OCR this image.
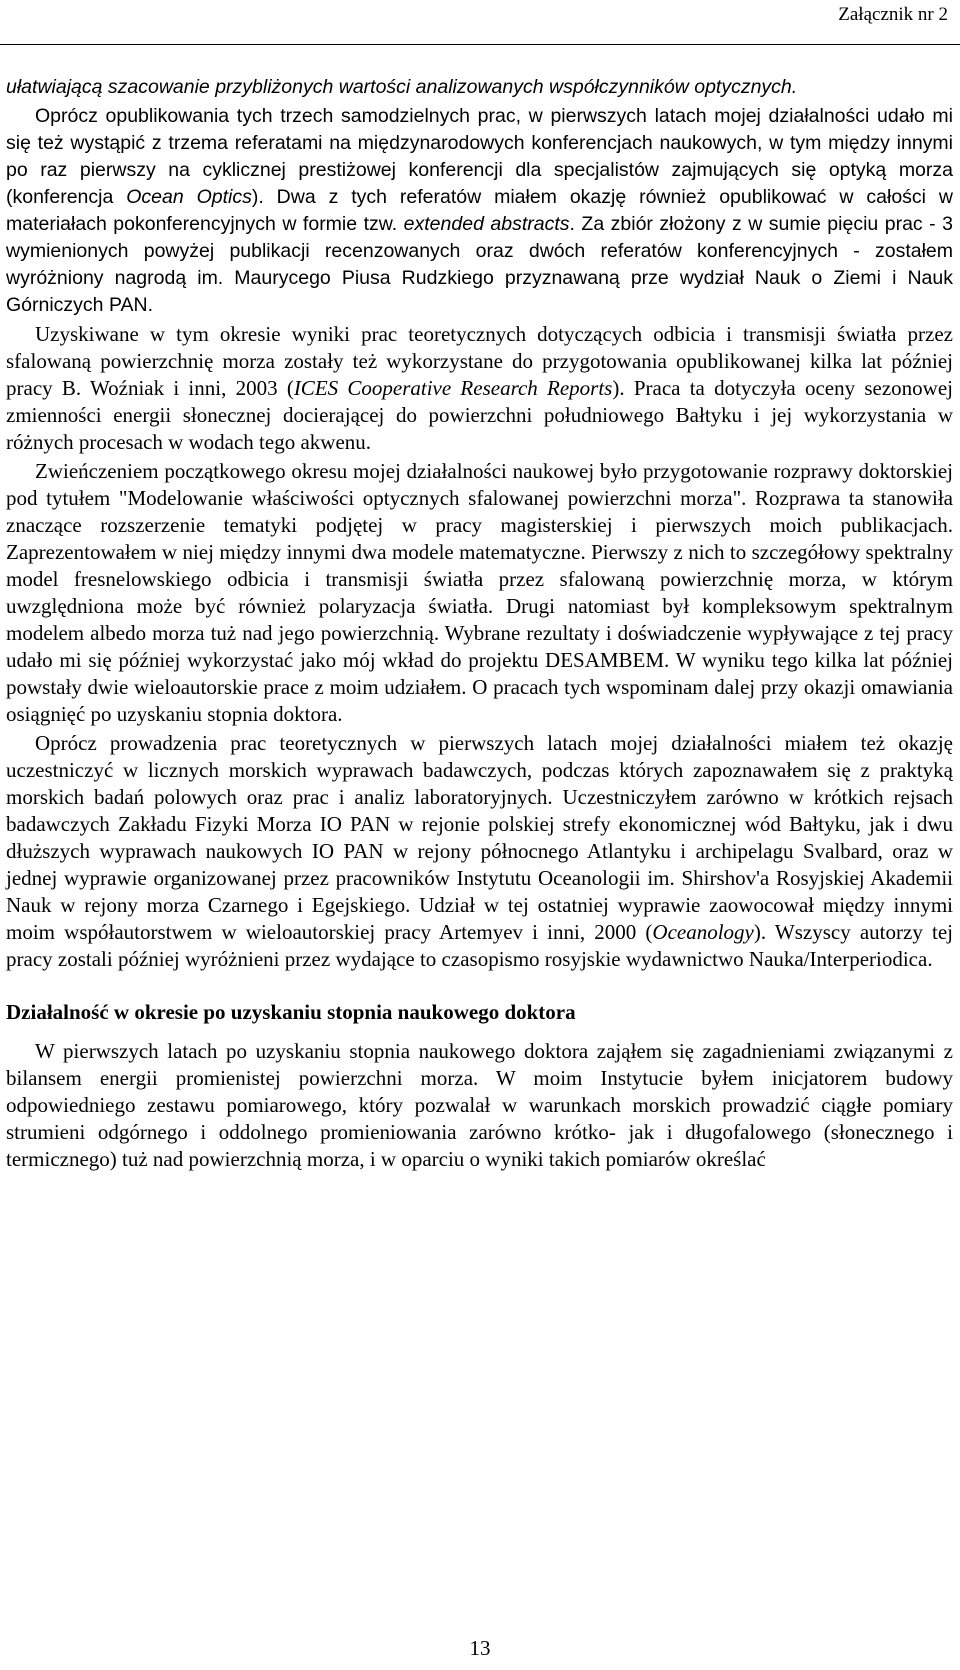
Załącznik nr 2

ułatwiającą szacowanie przybliżonych wartości analizowanych współczynników optycznych.

Oprócz opublikowania tych trzech samodzielnych prac, w pierwszych latach mojej działalności udało mi się też wystąpić z trzema referatami na międzynarodowych konferencjach naukowych, w tym między innymi po raz pierwszy na cyklicznej prestiżowej konferencji dla specjalistów zajmujących się optyką morza (konferencja Ocean Optics). Dwa z tych referatów miałem okazję również opublikować w całości w materiałach pokonferencyjnych w formie tzw. extended abstracts. Za zbiór złożony z w sumie pięciu prac - 3 wymienionych powyżej publikacji recenzowanych oraz dwóch referatów konferencyjnych - zostałem wyróżniony nagrodą im. Maurycego Piusa Rudzkiego przyznawaną prze wydział Nauk o Ziemi i Nauk Górniczych PAN.

Uzyskiwane w tym okresie wyniki prac teoretycznych dotyczących odbicia i transmisji światła przez sfalowaną powierzchnię morza zostały też wykorzystane do przygotowania opublikowanej kilka lat później pracy B. Woźniak i inni, 2003 (ICES Cooperative Research Reports). Praca ta dotyczyła oceny sezonowej zmienności energii słonecznej docierającej do powierzchni południowego Bałtyku i jej wykorzystania w różnych procesach w wodach tego akwenu.

Zwieńczeniem początkowego okresu mojej działalności naukowej było przygotowanie rozprawy doktorskiej pod tytułem "Modelowanie właściwości optycznych sfalowanej powierzchni morza". Rozprawa ta stanowiła znaczące rozszerzenie tematyki podjętej w pracy magisterskiej i pierwszych moich publikacjach. Zaprezentowałem w niej między innymi dwa modele matematyczne. Pierwszy z nich to szczegółowy spektralny model fresnelowskiego odbicia i transmisji światła przez sfalowaną powierzchnię morza, w którym uwzględniona może być również polaryzacja światła. Drugi natomiast był kompleksowym spektralnym modelem albedo morza tuż nad jego powierzchnią. Wybrane rezultaty i doświadczenie wypływające z tej pracy udało mi się później wykorzystać jako mój wkład do projektu DESAMBEM. W wyniku tego kilka lat później powstały dwie wieloautorskie prace z moim udziałem. O pracach tych wspominam dalej przy okazji omawiania osiągnięć po uzyskaniu stopnia doktora.

Oprócz prowadzenia prac teoretycznych w pierwszych latach mojej działalności miałem też okazję uczestniczyć w licznych morskich wyprawach badawczych, podczas których zapoznawałem się z praktyką morskich badań polowych oraz prac i analiz laboratoryjnych. Uczestniczyłem zarówno w krótkich rejsach badawczych Zakładu Fizyki Morza IO PAN w rejonie polskiej strefy ekonomicznej wód Bałtyku, jak i dwu dłuższych wyprawach naukowych IO PAN w rejony północnego Atlantyku i archipelagu Svalbard, oraz w jednej wyprawie organizowanej przez pracowników Instytutu Oceanologii im. Shirshov'a Rosyjskiej Akademii Nauk w rejony morza Czarnego i Egejskiego. Udział w tej ostatniej wyprawie zaowocował między innymi moim współautorstwem w wieloautorskiej pracy Artemyev i inni, 2000 (Oceanology). Wszyscy autorzy tej pracy zostali później wyróżnieni przez wydające to czasopismo rosyjskie wydawnictwo Nauka/Interperiodica.

Działalność w okresie po uzyskaniu stopnia naukowego doktora

W pierwszych latach po uzyskaniu stopnia naukowego doktora zająłem się zagadnieniami związanymi z bilansem energii promienistej powierzchni morza. W moim Instytucie byłem inicjatorem budowy odpowiedniego zestawu pomiarowego, który pozwalał w warunkach morskich prowadzić ciągłe pomiary strumieni odgórnego i oddolnego promieniowania zarówno krótko- jak i długofalowego (słonecznego i termicznego) tuż nad powierzchnią morza, i w oparciu o wyniki takich pomiarów określać

13
